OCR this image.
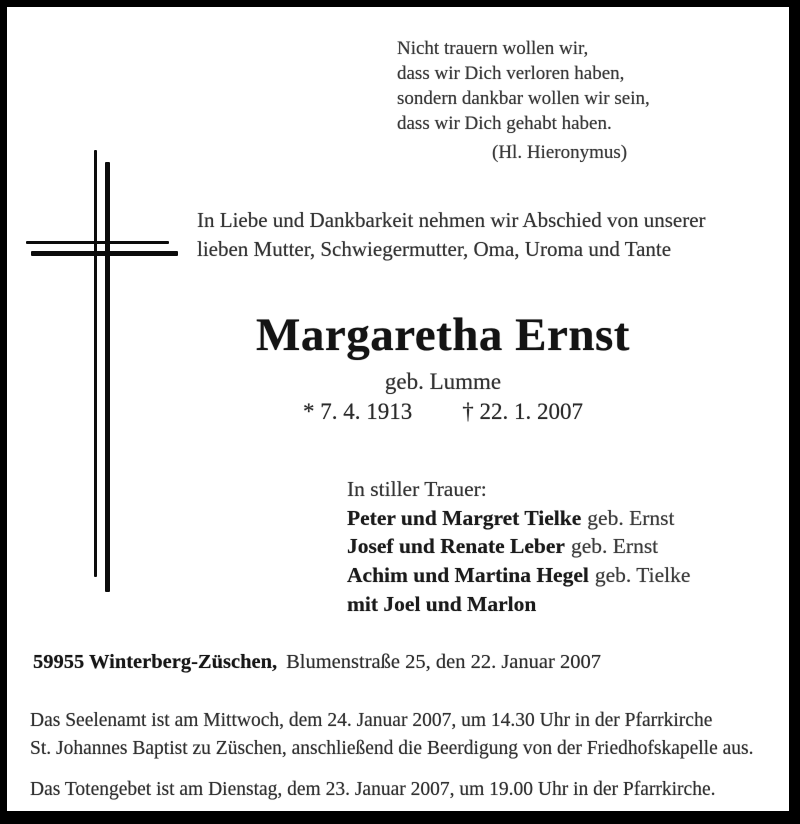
Nicht trauern wollen wir,
dass wir Dich verloren haben,
sondern dankbar wollen wir sein,
dass wir Dich gehabt haben.
(Hl. Hieronymus)
In Liebe und Dankbarkeit nehmen wir Abschied von unserer
lieben Mutter, Schwiegermutter, Oma, Uroma und Tante
Margaretha Ernst
geb. Lumme
* 7. 4. 1913 † 22. 1. 2007
In stiller Trauer:
Peter und Margret Tielke geb. Ernst
Josef und Renate Leber geb. Ernst
Achim und Martina Hegel geb. Tielke
mit Joel und Marlon
59955 Winterberg-Züschen, Blumenstraße 25, den 22. Januar 2007
Das Seelenamt ist am Mittwoch, dem 24. Januar 2007, um 14.30 Uhr in der Pfarrkirche
St. Johannes Baptist zu Züschen, anschließend die Beerdigung von der Friedhofskapelle aus.
Das Totengebet ist am Dienstag, dem 23. Januar 2007, um 19.00 Uhr in der Pfarrkirche.
